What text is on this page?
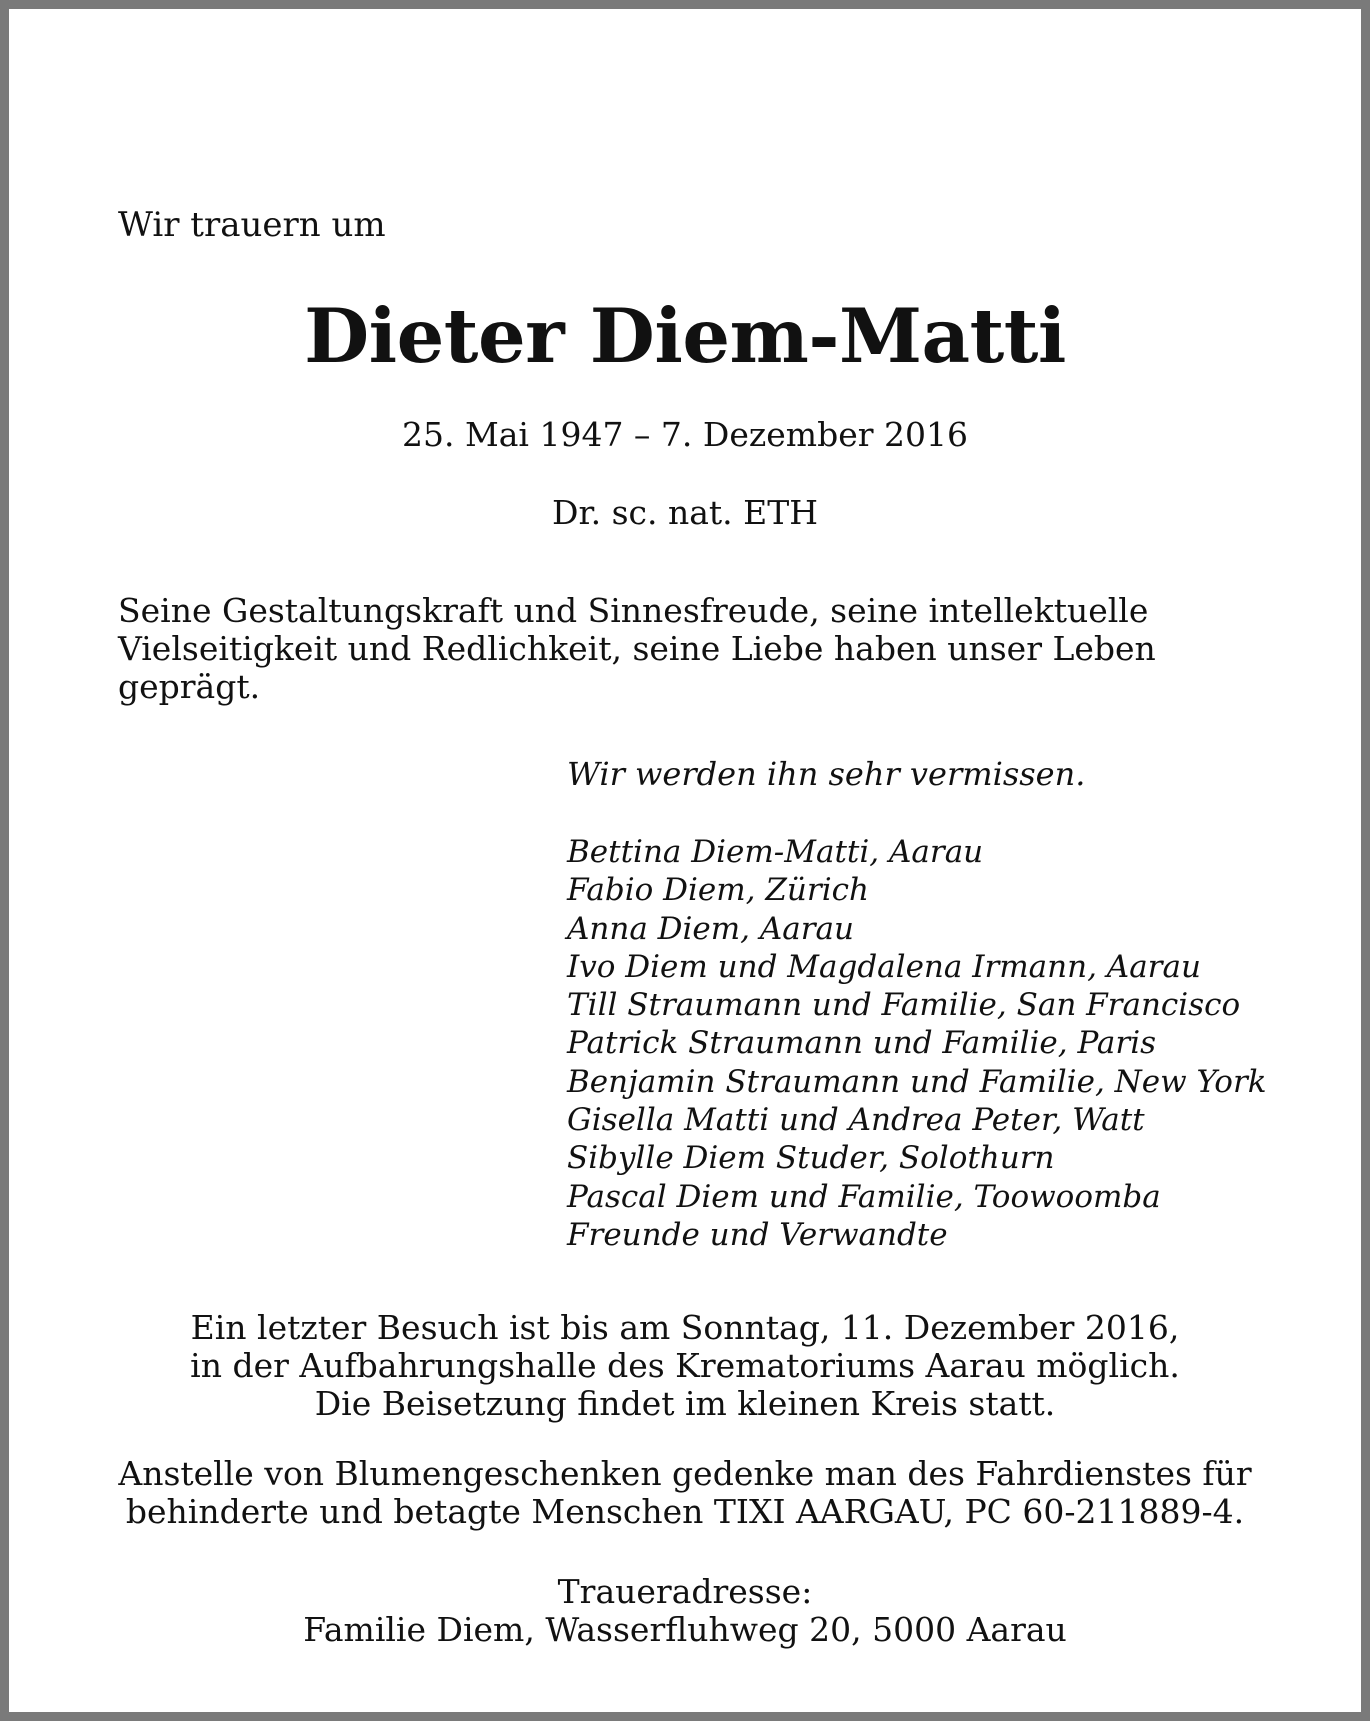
Wir trauern um
Dieter Diem-Matti
25. Mai 1947 – 7. Dezember 2016
Dr. sc. nat. ETH
Seine Gestaltungskraft und Sinnesfreude, seine intellektuelle
Vielseitigkeit und Redlichkeit, seine Liebe haben unser Leben
geprägt.
Wir werden ihn sehr vermissen.
Bettina Diem-Matti, Aarau
Fabio Diem, Zürich
Anna Diem, Aarau
Ivo Diem und Magdalena Irmann, Aarau
Till Straumann und Familie, San Francisco
Patrick Straumann und Familie, Paris
Benjamin Straumann und Familie, New York
Gisella Matti und Andrea Peter, Watt
Sibylle Diem Studer, Solothurn
Pascal Diem und Familie, Toowoomba
Freunde und Verwandte
Ein letzter Besuch ist bis am Sonntag, 11. Dezember 2016,
in der Aufbahrungshalle des Krematoriums Aarau möglich.
Die Beisetzung findet im kleinen Kreis statt.
Anstelle von Blumengeschenken gedenke man des Fahrdienstes für
behinderte und betagte Menschen TIXI AARGAU, PC 60-211889-4.
Traueradresse:
Familie Diem, Wasserfluhweg 20, 5000 Aarau
